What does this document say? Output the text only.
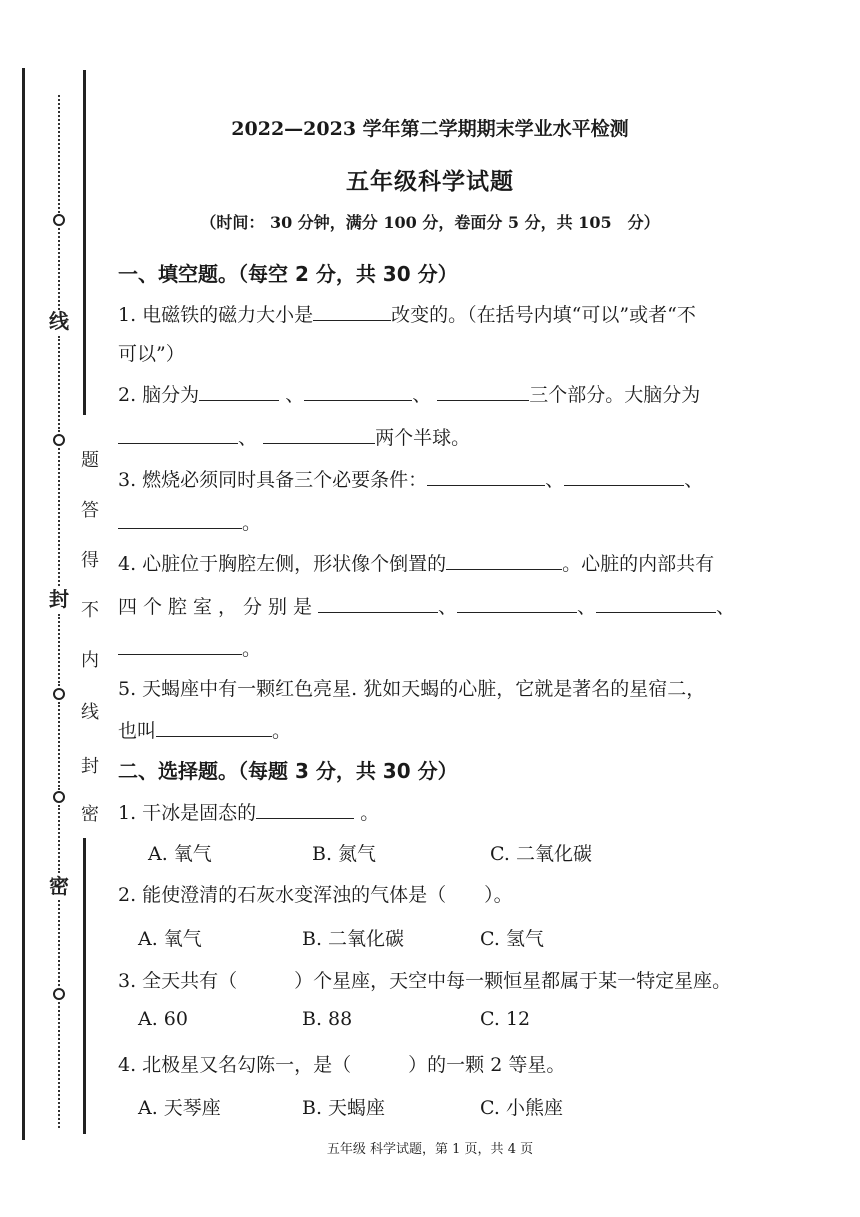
线
封
密
题
答
得
不
内
线
封
密
2022—2023 学年第二学期期末学业水平检测
五年级科学试题
（时间： 30 分钟，满分 100 分，卷面分 5 分，共 105　分）
一、填空题。（每空 2 分，共 30 分）
1. 电磁铁的磁力大小是	改变的。（在括号内填“可以”或者“不
可以”）
2. 脑分为	、	、	三个部分。大脑分为
、	两个半球。
3. 燃烧必须同时具备三个必要条件：	、	、
。
4. 心脏位于胸腔左侧，形状像个倒置的	。心脏的内部共有
四个腔室，分别是	、	、	、
。
5. 天蝎座中有一颗红色亮星. 犹如天蝎的心脏，它就是著名的星宿二，
也叫	。
二、选择题。（每题 3 分，共 30 分）
1. 干冰是固态的	。
A. 氧气	B. 氮气	C. 二氧化碳
2. 能使澄清的石灰水变浑浊的气体是（　　）。
A. 氧气	B. 二氧化碳	C. 氢气
3. 全天共有（　　　）个星座，天空中每一颗恒星都属于某一特定星座。
A. 60	B. 88	C. 12
4. 北极星又名勾陈一，是（　　　）的一颗 2 等星。
A. 天琴座	B. 天蝎座	C. 小熊座
五年级 科学试题，第 1 页，共 4 页
